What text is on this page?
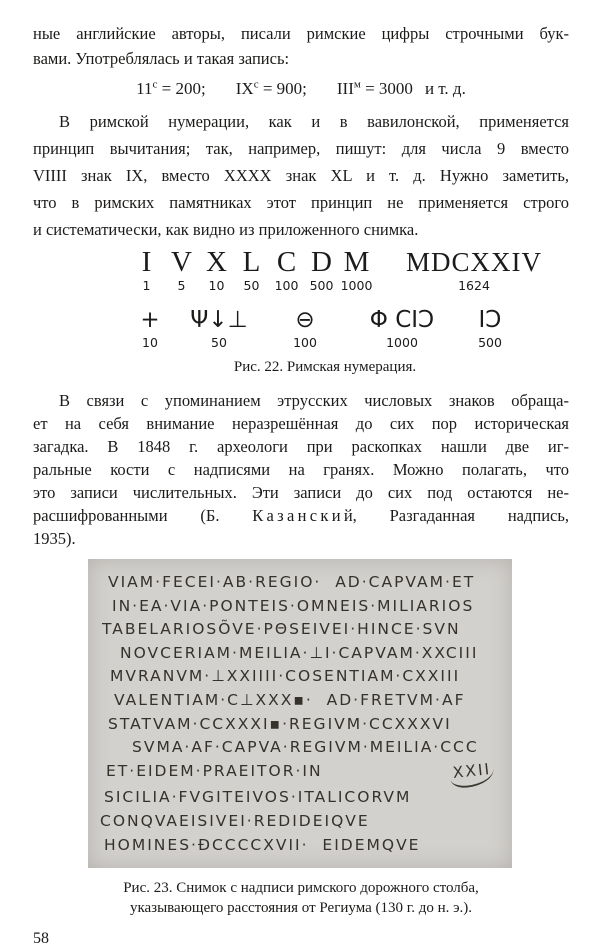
ные английские авторы, писали римские цифры строчными бук-
вами. Употреблялась и такая запись:
$11^с = 200$; $IX^с = 900$; $III^м = 3000$ и т. д.
В римской нумерации, как и в вавилонской, применяется
принцип вычитания; так, например, пишут: для числа 9 вместо
VIIII знак IX, вместо XXXX знак XL и т. д. Нужно заметить,
что в римских памятниках этот принцип не применяется строго
и систематически, как видно из приложенного снимка.
I
1
V
5
X
10
L
50
C
100
D
500
M
1000
MDCXXIV
1624
+
10
Ψ↓⊥
50
⊖
100
Φ CIƆ
1000
IƆ
500
Рис. 22. Римская нумерация.
В связи с упоминанием этрусских числовых знаков обраща-
ет на себя внимание неразрешённая до сих пор историческая
загадка. В 1848 г. археологи при раскопках нашли две иг-
ральные кости с надписями на гранях. Можно полагать, что
это записи числительных. Эти записи до сих под остаются не-
расшифрованными (Б. К а з а н с к и й, Разгаданная надпись,
1935).
VIAM·FECEI·AB·REGIO·  AD·CAPVAM·ET
IN·EA·VIA·PONTEIS·OMNEIS·MILIARIOS
TABELARIOSÕVE·PΘSEIVEI·HINCE·SVN
NOVCERIAM·MEILIA·⊥I·CAPVAM·XXCIII
MVRANVM·⊥XXIIII·COSENTIAM·CXXIII
VALENTIAM·C⊥XXX▪·  AD·FRETVM·AF
STATVAM·CCXXXI▪·REGIVM·CCXXXVI
SVMA·AF·CAPVA·REGIVM·MEILIA·CCC
ET·EIDEM·PRAEITOR·IN	XXII
SICILIA·FVGITEIVOS·ITALICORVM
CONQVAEISIVEI·REDIDEIQVE
HOMINES·ĐCCCCXVII·  EIDEMQVE
Рис. 23. Снимок с надписи римского дорожного столба,
указывающего расстояния от Региума (130 г. до н. э.).
58
